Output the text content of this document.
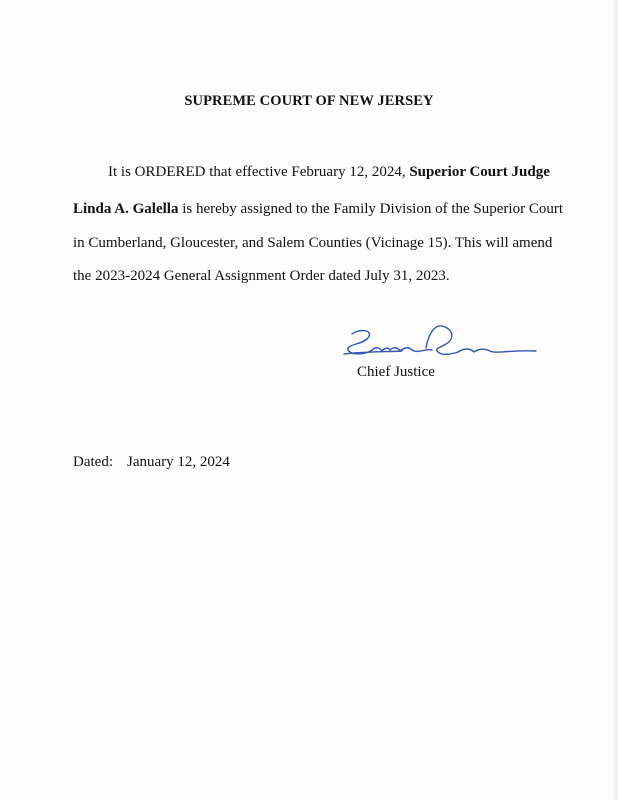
SUPREME COURT OF NEW JERSEY
It is ORDERED that effective February 12, 2024, Superior Court Judge
Linda A. Galella is hereby assigned to the Family Division of the Superior Court
in Cumberland, Gloucester, and Salem Counties (Vicinage 15). This will amend
the 2023-2024 General Assignment Order dated July 31, 2023.
Chief Justice
Dated: January 12, 2024
